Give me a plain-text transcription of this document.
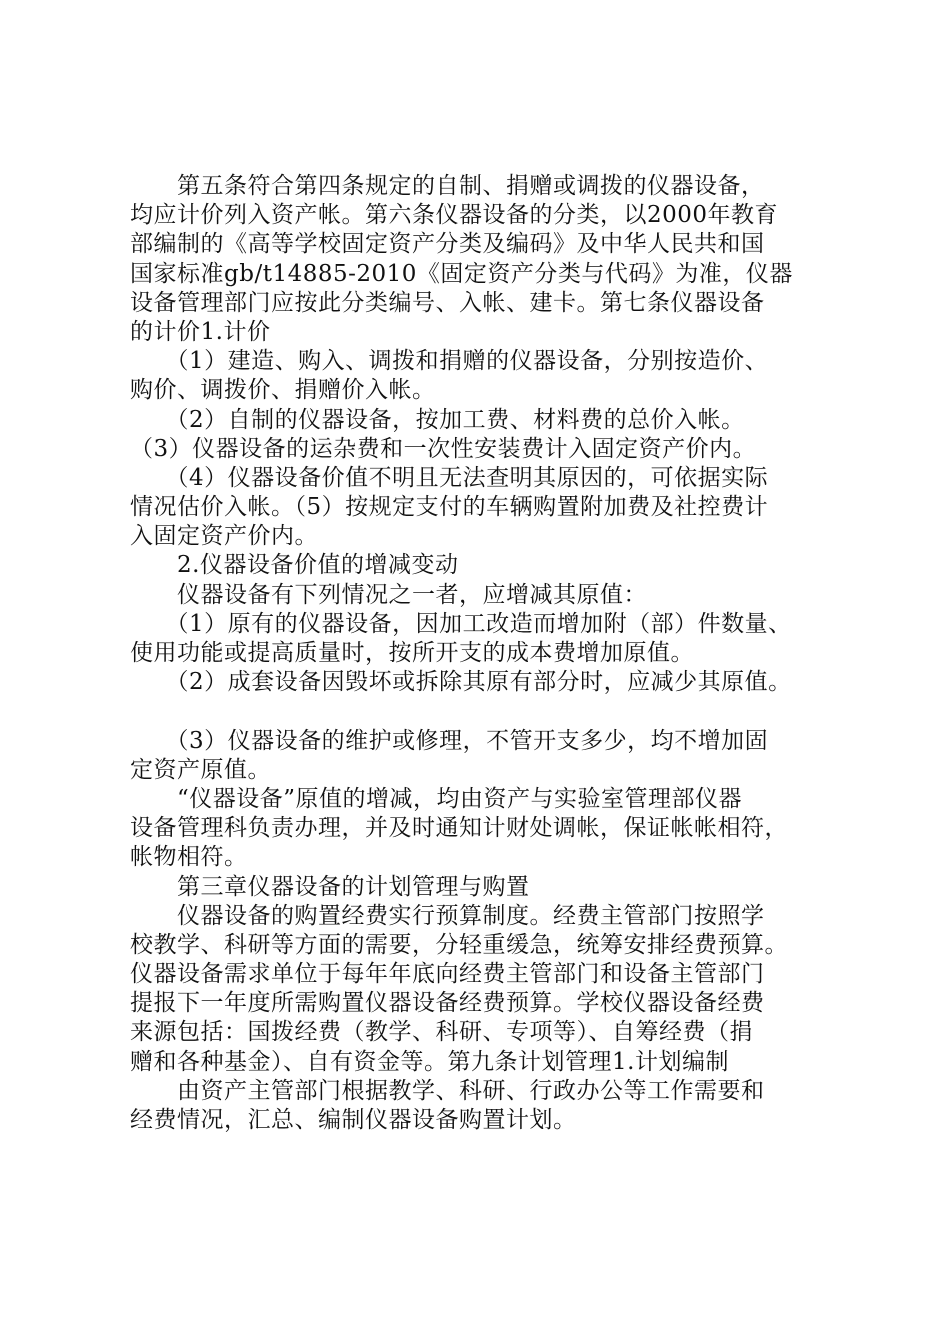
　　第五条符合第四条规定的自制、捐赠或调拨的仪器设备，
均应计价列入资产帐。第六条仪器设备的分类，以2000年教育
部编制的《高等学校固定资产分类及编码》及中华人民共和国
国家标准gb/t14885-2010《固定资产分类与代码》为准，仪器
设备管理部门应按此分类编号、入帐、建卡。第七条仪器设备
的计价1.计价
　　（1）建造、购入、调拨和捐赠的仪器设备，分别按造价、
购价、调拨价、捐赠价入帐。
　　（2）自制的仪器设备，按加工费、材料费的总价入帐。
（3）仪器设备的运杂费和一次性安装费计入固定资产价内。
　　（4）仪器设备价值不明且无法查明其原因的，可依据实际
情况估价入帐。（5）按规定支付的车辆购置附加费及社控费计
入固定资产价内。
　　2.仪器设备价值的增减变动
　　仪器设备有下列情况之一者，应增减其原值：
　　（1）原有的仪器设备，因加工改造而增加附（部）件数量、
使用功能或提高质量时，按所开支的成本费增加原值。
　　（2）成套设备因毁坏或拆除其原有部分时，应减少其原值。
　　（3）仪器设备的维护或修理，不管开支多少，均不增加固
定资产原值。
　　“仪器设备”原值的增减，均由资产与实验室管理部仪器
设备管理科负责办理，并及时通知计财处调帐，保证帐帐相符，
帐物相符。
　　第三章仪器设备的计划管理与购置
　　仪器设备的购置经费实行预算制度。经费主管部门按照学
校教学、科研等方面的需要，分轻重缓急，统筹安排经费预算。
仪器设备需求单位于每年年底向经费主管部门和设备主管部门
提报下一年度所需购置仪器设备经费预算。学校仪器设备经费
来源包括：国拨经费（教学、科研、专项等）、自筹经费（捐
赠和各种基金）、自有资金等。第九条计划管理1.计划编制
　　由资产主管部门根据教学、科研、行政办公等工作需要和
经费情况，汇总、编制仪器设备购置计划。
